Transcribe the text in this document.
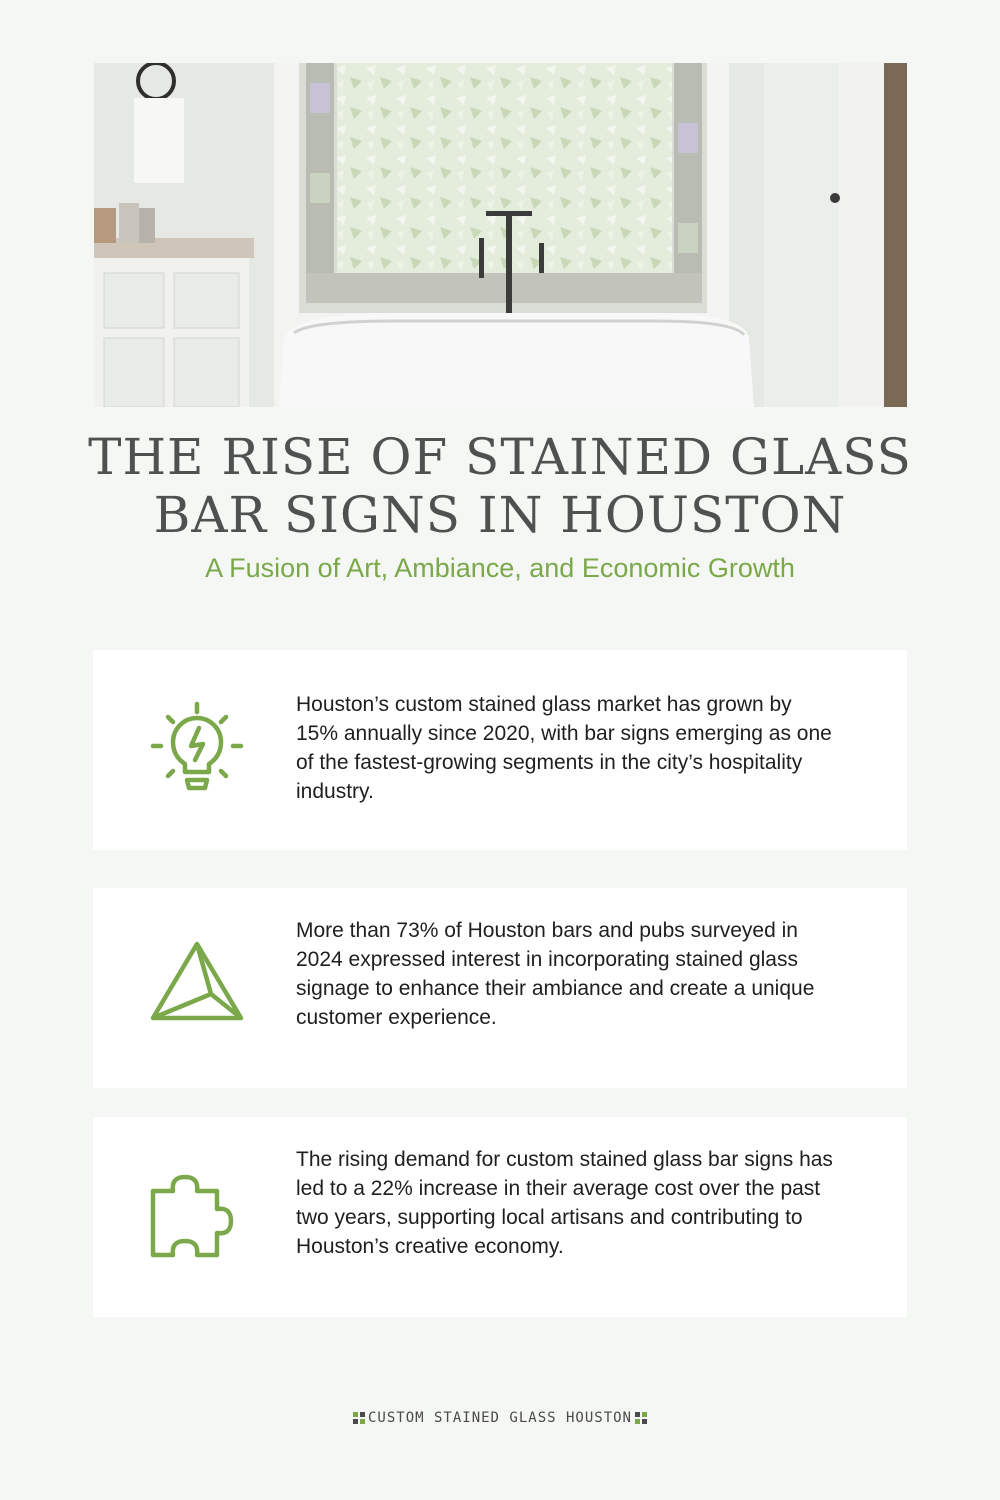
THE RISE OF STAINED GLASS BAR SIGNS IN HOUSTON
A Fusion of Art, Ambiance, and Economic Growth
Houston’s custom stained glass market has grown by 15% annually since 2020, with bar signs emerging as one of the fastest-growing segments in the city’s hospitality industry.
More than 73% of Houston bars and pubs surveyed in 2024 expressed interest in incorporating stained glass signage to enhance their ambiance and create a unique customer experience.
The rising demand for custom stained glass bar signs has led to a 22% increase in their average cost over the past two years, supporting local artisans and contributing to Houston’s creative economy.
CUSTOM STAINED GLASS HOUSTON
